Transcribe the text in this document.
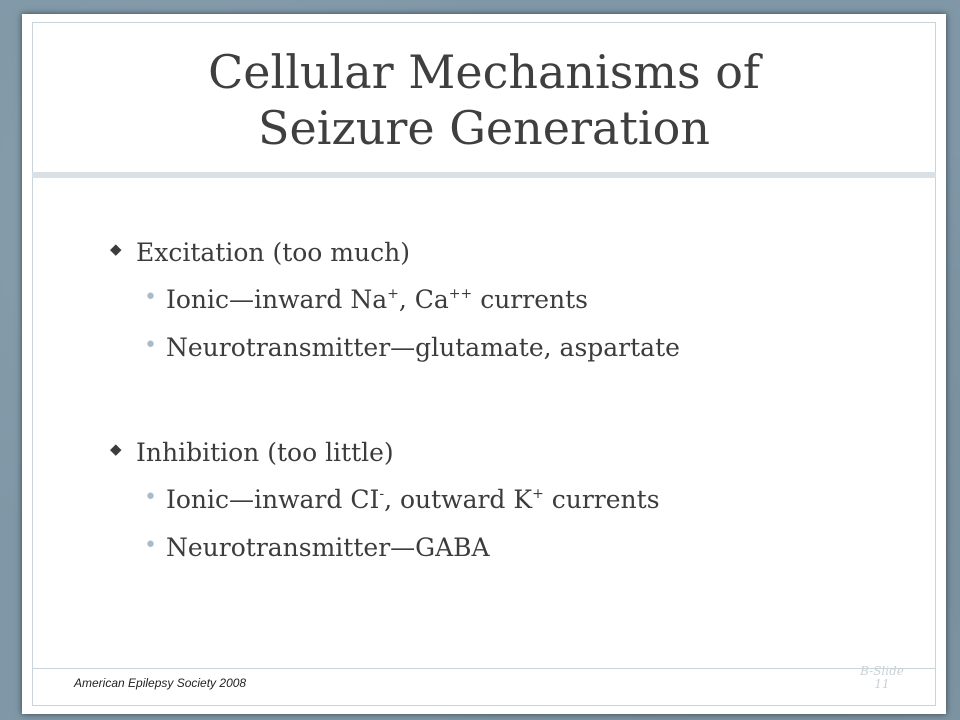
Cellular Mechanisms of
Seizure Generation
◆ Excitation (too much)
• Ionic—inward Na+, Ca++ currents
• Neurotransmitter—glutamate, aspartate
◆ Inhibition (too little)
• Ionic—inward CI-, outward K+ currents
• Neurotransmitter—GABA
American Epilepsy Society 2008
B-Slide
11
